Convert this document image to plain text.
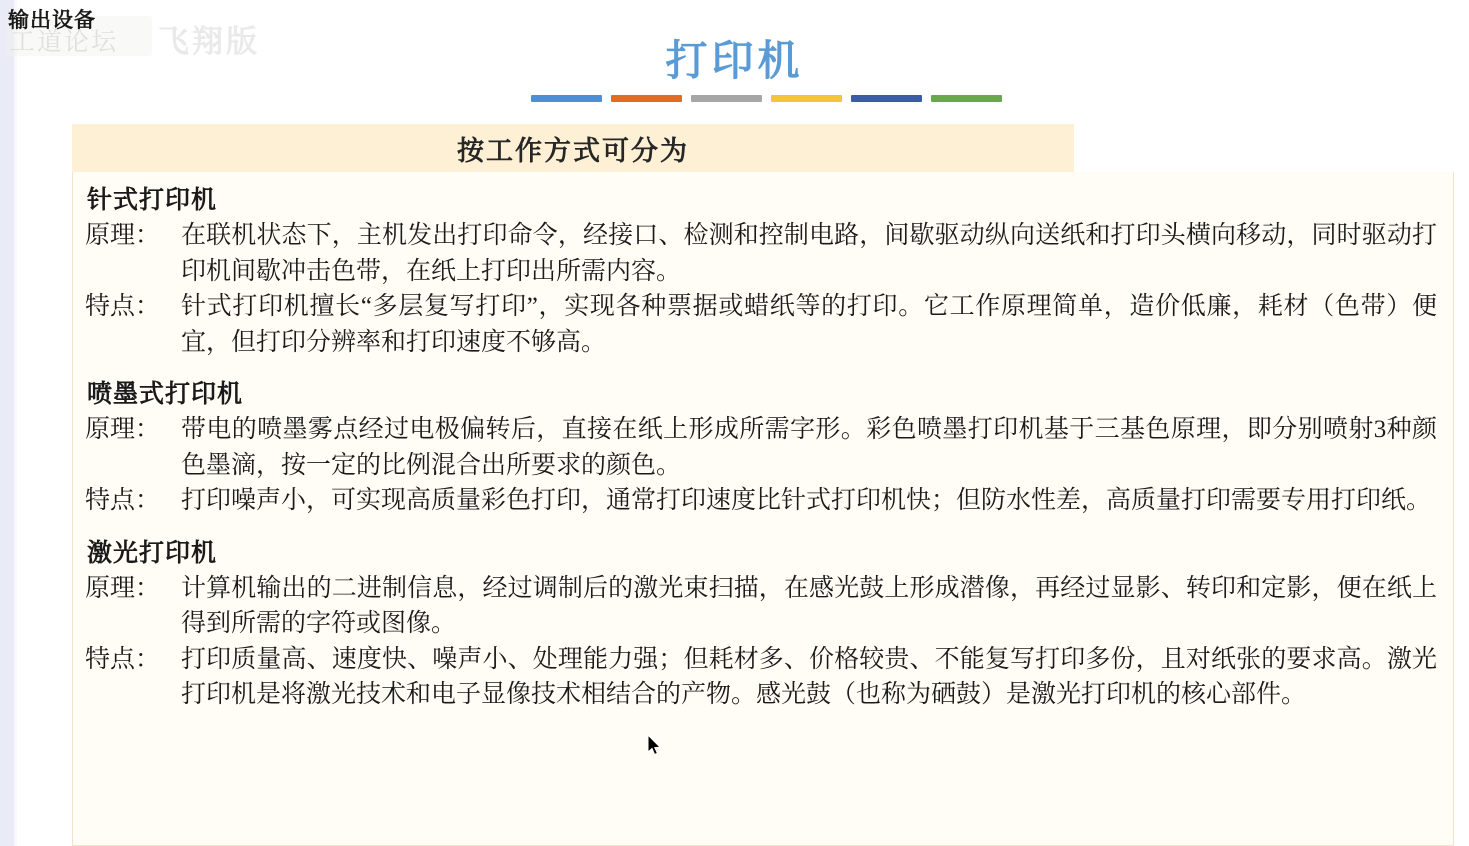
工道论坛 飞翔版
输出设备
打印机
按工作方式可分为
针式打印机
原理： 在联机状态下，主机发出打印命令，经接口、检测和控制电路，间歇驱动纵向送纸和打印头横向移动，同时驱动打印机间歇冲击色带，在纸上打印出所需内容。
特点： 针式打印机擅长“多层复写打印”，实现各种票据或蜡纸等的打印。它工作原理简单，造价低廉，耗材（色带）便宜，但打印分辨率和打印速度不够高。
喷墨式打印机
原理： 带电的喷墨雾点经过电极偏转后，直接在纸上形成所需字形。彩色喷墨打印机基于三基色原理，即分别喷射3种颜色墨滴，按一定的比例混合出所要求的颜色。
特点： 打印噪声小，可实现高质量彩色打印，通常打印速度比针式打印机快；但防水性差，高质量打印需要专用打印纸。
激光打印机
原理： 计算机输出的二进制信息，经过调制后的激光束扫描，在感光鼓上形成潜像，再经过显影、转印和定影，便在纸上得到所需的字符或图像。
特点： 打印质量高、速度快、噪声小、处理能力强；但耗材多、价格较贵、不能复写打印多份，且对纸张的要求高。激光打印机是将激光技术和电子显像技术相结合的产物。感光鼓（也称为硒鼓）是激光打印机的核心部件。
